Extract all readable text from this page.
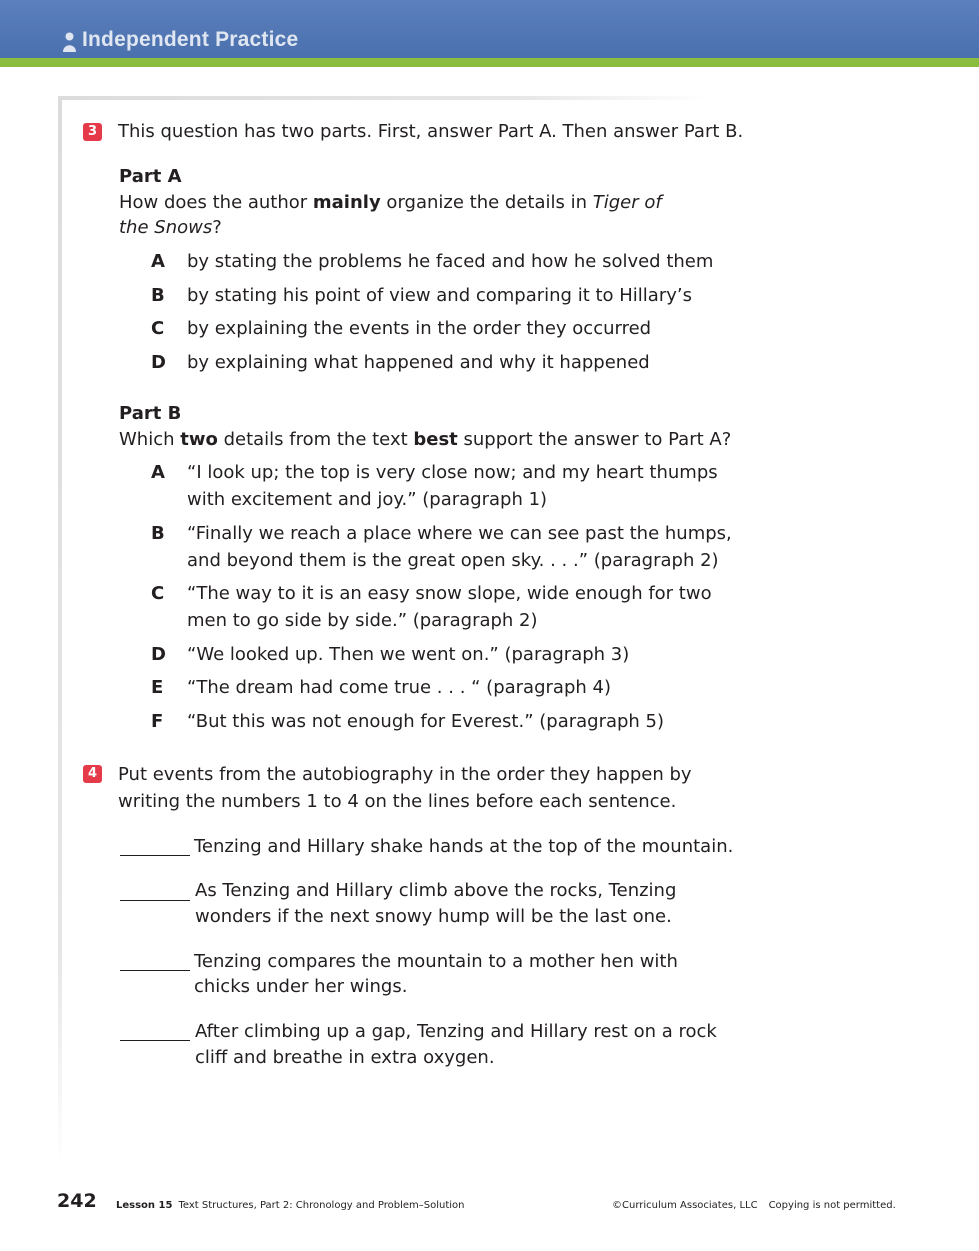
Independent Practice
3 This question has two parts. First, answer Part A. Then answer Part B.
Part A
How does the author mainly organize the details in Tiger of
the Snows?
A by stating the problems he faced and how he solved them
B by stating his point of view and comparing it to Hillary’s
C by explaining the events in the order they occurred
D by explaining what happened and why it happened
Part B
Which two details from the text best support the answer to Part A?
A “I look up; the top is very close now; and my heart thumps
with excitement and joy.” (paragraph 1)
B “Finally we reach a place where we can see past the humps,
and beyond them is the great open sky. . . .” (paragraph 2)
C “The way to it is an easy snow slope, wide enough for two
men to go side by side.” (paragraph 2)
D “We looked up. Then we went on.” (paragraph 3)
E “The dream had come true . . . “ (paragraph 4)
F “But this was not enough for Everest.” (paragraph 5)
4 Put events from the autobiography in the order they happen by
writing the numbers 1 to 4 on the lines before each sentence.
Tenzing and Hillary shake hands at the top of the mountain.
As Tenzing and Hillary climb above the rocks, Tenzing
wonders if the next snowy hump will be the last one.
Tenzing compares the mountain to a mother hen with
chicks under her wings.
After climbing up a gap, Tenzing and Hillary rest on a rock
cliff and breathe in extra oxygen.
242 Lesson 15 Text Structures, Part 2: Chronology and Problem–Solution	©Curriculum Associates, LLC Copying is not permitted.
